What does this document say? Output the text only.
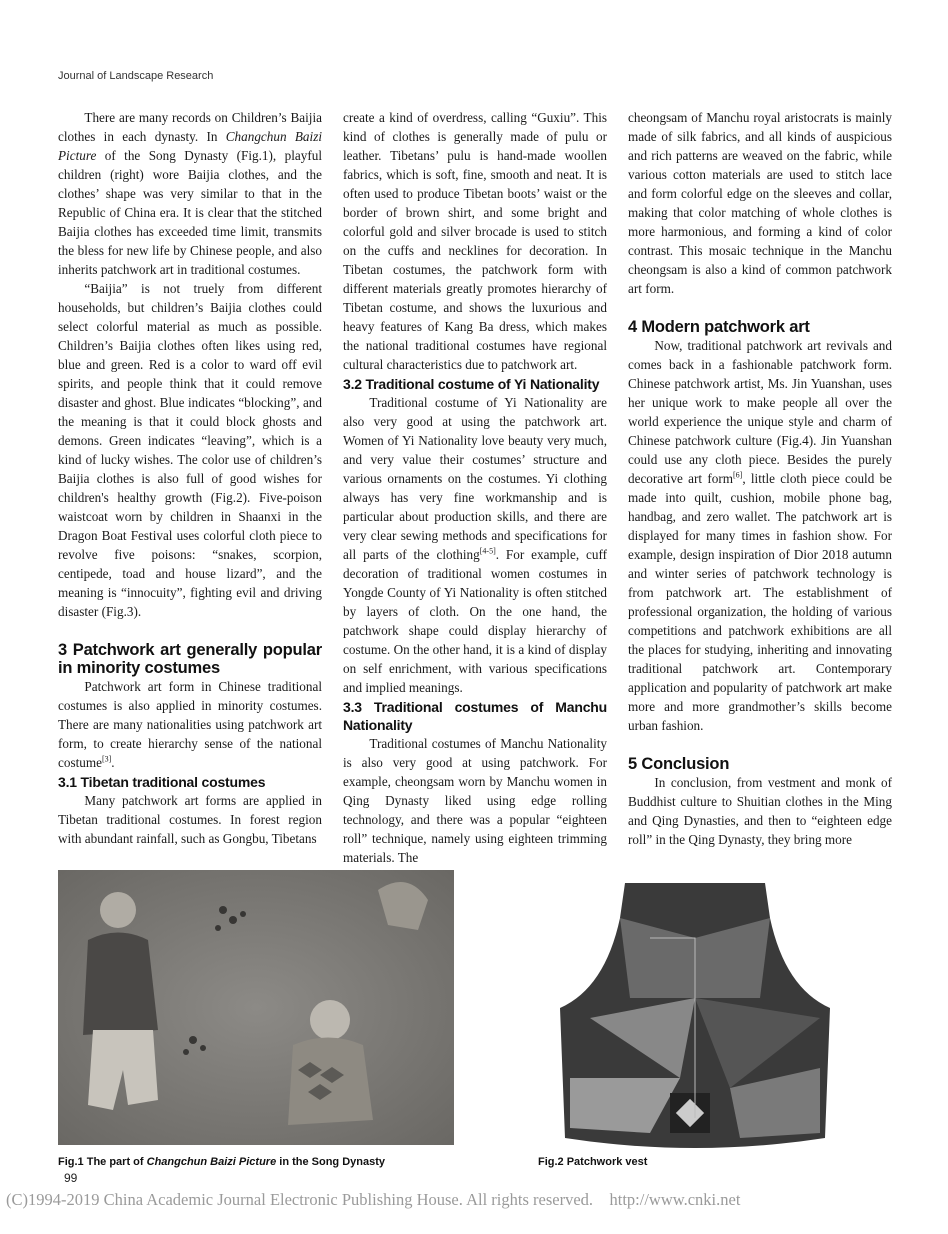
Journal of Landscape Research

There are many records on Children’s Baijia clothes in each dynasty. In Changchun Baizi Picture of the Song Dynasty (Fig.1), playful children (right) wore Baijia clothes, and the clothes’ shape was very similar to that in the Republic of China era. It is clear that the stitched Baijia clothes has exceeded time limit, transmits the bless for new life by Chinese people, and also inherits patchwork art in traditional costumes.

“Baijia” is not truely from different households, but children’s Baijia clothes could select colorful material as much as possible. Children’s Baijia clothes often likes using red, blue and green. Red is a color to ward off evil spirits, and people think that it could remove disaster and ghost. Blue indicates “blocking”, and the meaning is that it could block ghosts and demons. Green indicates “leaving”, which is a kind of lucky wishes. The color use of children’s Baijia clothes is also full of good wishes for children's healthy growth (Fig.2). Five-poison waistcoat worn by children in Shaanxi in the Dragon Boat Festival uses colorful cloth piece to revolve five poisons: “snakes, scorpion, centipede, toad and house lizard”, and the meaning is “innocuity”, fighting evil and driving disaster (Fig.3).

3 Patchwork art generally popular in minority costumes

Patchwork art form in Chinese traditional costumes is also applied in minority costumes. There are many nationalities using patchwork art form, to create hierarchy sense of the national costume[3].

3.1 Tibetan traditional costumes

Many patchwork art forms are applied in Tibetan traditional costumes. In forest region with abundant rainfall, such as Gongbu, Tibetans

create a kind of overdress, calling “Guxiu”. This kind of clothes is generally made of pulu or leather. Tibetans’ pulu is hand-made woollen fabrics, which is soft, fine, smooth and neat. It is often used to produce Tibetan boots’ waist or the border of brown shirt, and some bright and colorful gold and silver brocade is used to stitch on the cuffs and necklines for decoration. In Tibetan costumes, the patchwork form with different materials greatly promotes hierarchy of Tibetan costume, and shows the luxurious and heavy features of Kang Ba dress, which makes the national traditional costumes have regional cultural characteristics due to patchwork art.

3.2 Traditional costume of Yi Nationality

Traditional costume of Yi Nationality are also very good at using the patchwork art. Women of Yi Nationality love beauty very much, and very value their costumes’ structure and various ornaments on the costumes. Yi clothing always has very fine workmanship and is particular about production skills, and there are very clear sewing methods and specifications for all parts of the clothing[4-5]. For example, cuff decoration of traditional women costumes in Yongde County of Yi Nationality is often stitched by layers of cloth. On the one hand, the patchwork shape could display hierarchy of costume. On the other hand, it is a kind of display on self enrichment, with various specifications and implied meanings.

3.3 Traditional costumes of Manchu Nationality

Traditional costumes of Manchu Nationality is also very good at using patchwork. For example, cheongsam worn by Manchu women in Qing Dynasty liked using edge rolling technology, and there was a popular “eighteen roll” technique, namely using eighteen trimming materials. The

cheongsam of Manchu royal aristocrats is mainly made of silk fabrics, and all kinds of auspicious and rich patterns are weaved on the fabric, while various cotton materials are used to stitch lace and form colorful edge on the sleeves and collar, making that color matching of whole clothes is more harmonious, and forming a kind of color contrast. This mosaic technique in the Manchu cheongsam is also a kind of common patchwork art form.

4 Modern patchwork art

Now, traditional patchwork art revivals and comes back in a fashionable patchwork form. Chinese patchwork artist, Ms. Jin Yuanshan, uses her unique work to make people all over the world experience the unique style and charm of Chinese patchwork culture (Fig.4). Jin Yuanshan could use any cloth piece. Besides the purely decorative art form[6], little cloth piece could be made into quilt, cushion, mobile phone bag, handbag, and zero wallet. The patchwork art is displayed for many times in fashion show. For example, design inspiration of Dior 2018 autumn and winter series of patchwork technology is from patchwork art. The establishment of professional organization, the holding of various competitions and patchwork exhibitions are all the places for studying, inheriting and innovating traditional patchwork art. Contemporary application and popularity of patchwork art make more and more grandmother’s skills become urban fashion.

5 Conclusion

In conclusion, from vestment and monk of Buddhist culture to Shuitian clothes in the Ming and Qing Dynasties, and then to “eighteen edge roll” in the Qing Dynasty, they bring more

Fig.1 The part of Changchun Baizi Picture in the Song Dynasty	Fig.2 Patchwork vest
99
(C)1994-2019 China Academic Journal Electronic Publishing House. All rights reserved.    http://www.cnki.net
